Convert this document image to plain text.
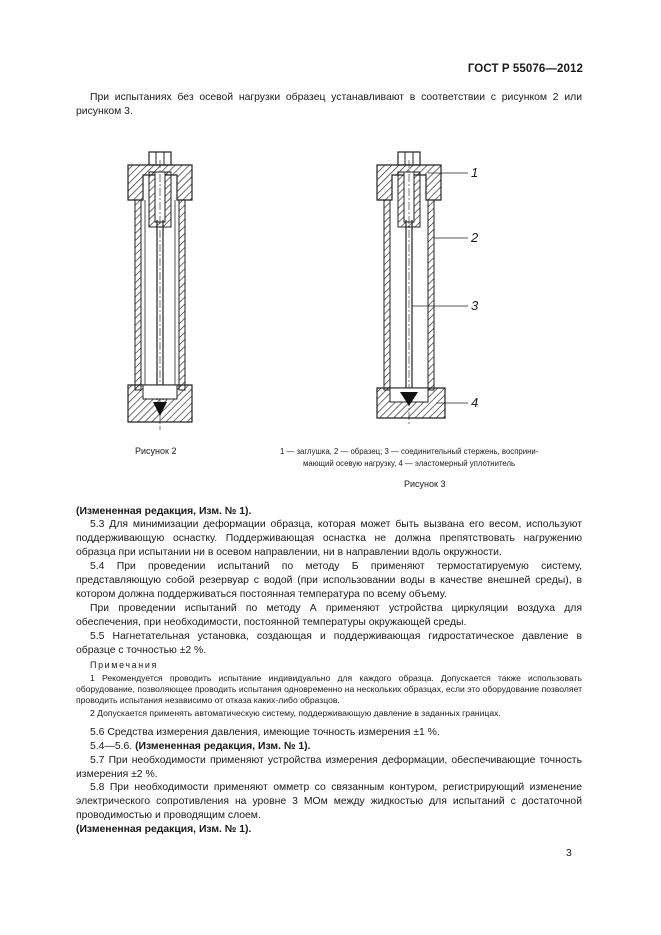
ГОСТ Р 55076—2012
При испытаниях без осевой нагрузки образец устанавливают в соответствии с рисунком 2 или рисунком 3.
Рисунок 2
1
2
3
4
1 — заглушка, 2 — образец; 3 — соединительный стержень, восприни-
мающий осевую нагрузку, 4 — эластомерный уплотнитель
Рисунок 3
(Измененная редакция, Изм. № 1).
5.3 Для минимизации деформации образца, которая может быть вызвана его весом, используют поддерживающую оснастку. Поддерживающая оснастка не должна препятствовать нагружению образца при испытании ни в осевом направлении, ни в направлении вдоль окружности.
5.4 При проведении испытаний по методу Б применяют термостатируемую систему, представляющую собой резервуар с водой (при использовании воды в качестве внешней среды), в котором должна поддерживаться постоянная температура по всему объему.
При проведении испытаний по методу А применяют устройства циркуляции воздуха для обеспечения, при необходимости, постоянной температуры окружающей среды.
5.5 Нагнетательная установка, создающая и поддерживающая гидростатическое давление в образце с точностью ±2 %.
Примечания
1 Рекомендуется проводить испытание индивидуально для каждого образца. Допускается также использовать оборудование, позволяющее проводить испытания одновременно на нескольких образцах, если это оборудование позволяет проводить испытания независимо от отказа каких-либо образцов.
2 Допускается применять автоматическую систему, поддерживающую давление в заданных границах.
5.6 Средства измерения давления, имеющие точность измерения ±1 %.
5.4—5.6. (Измененная редакция, Изм. № 1).
5.7 При необходимости применяют устройства измерения деформации, обеспечивающие точность измерения ±2 %.
5.8 При необходимости применяют омметр со связанным контуром, регистрирующий изменение электрического сопротивления на уровне 3 МОм между жидкостью для испытаний с достаточной проводимостью и проводящим слоем.
(Измененная редакция, Изм. № 1).
3
